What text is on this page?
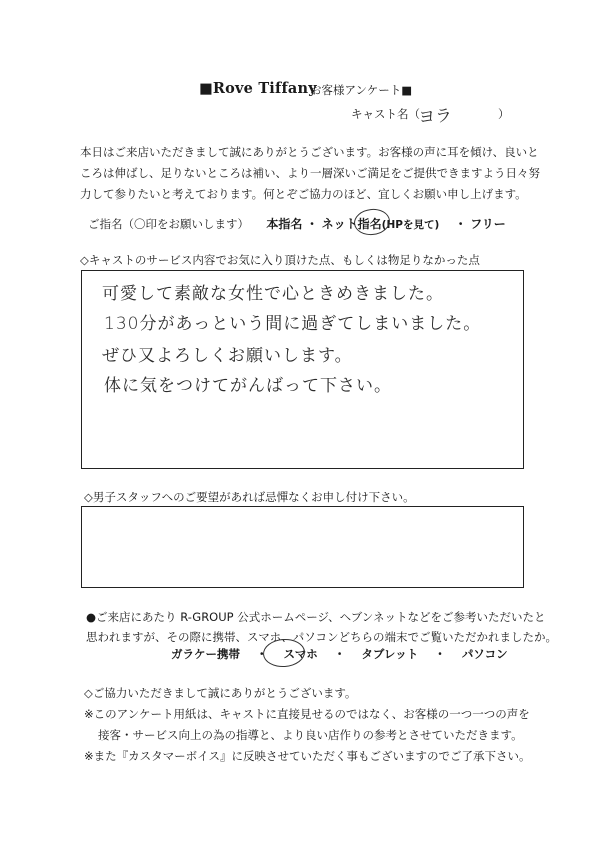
■Rove Tiffany
お客様アンケート■
キャスト名（	）
ヨラ
本日はご来店いただきまして誠にありがとうございます。お客様の声に耳を傾け、良いと
ころは伸ばし、足りないところは補い、より一層深いご満足をご提供できますよう日々努
力して参りたいと考えております。何とぞご協力のほど、宜しくお願い申し上げます。
ご指名（〇印をお願いします） 本指名 ・ ネット指名(HPを見て) ・ フリー
◇キャストのサービス内容でお気に入り頂けた点、もしくは物足りなかった点
可愛して素敵な女性で心ときめきました。
130分があっという間に過ぎてしまいました。
ぜひ又よろしくお願いします。
体に気をつけてがんばって下さい。
◇男子スタッフへのご要望があれば忌憚なくお申し付け下さい。
●ご来店にあたり R-GROUP 公式ホームページ、ヘブンネットなどをご参考いただいたと
思われますが、その際に携帯、スマホ、パソコンどちらの端末でご覧いただかれましたか。
ガラケー携帯 ・ スマホ ・ タブレット ・ パソコン
◇ご協力いただきまして誠にありがとうございます。
※このアンケート用紙は、キャストに直接見せるのではなく、お客様の一つ一つの声を
接客・サービス向上の為の指導と、より良い店作りの参考とさせていただきます。
※また『カスタマーボイス』に反映させていただく事もございますのでご了承下さい。
